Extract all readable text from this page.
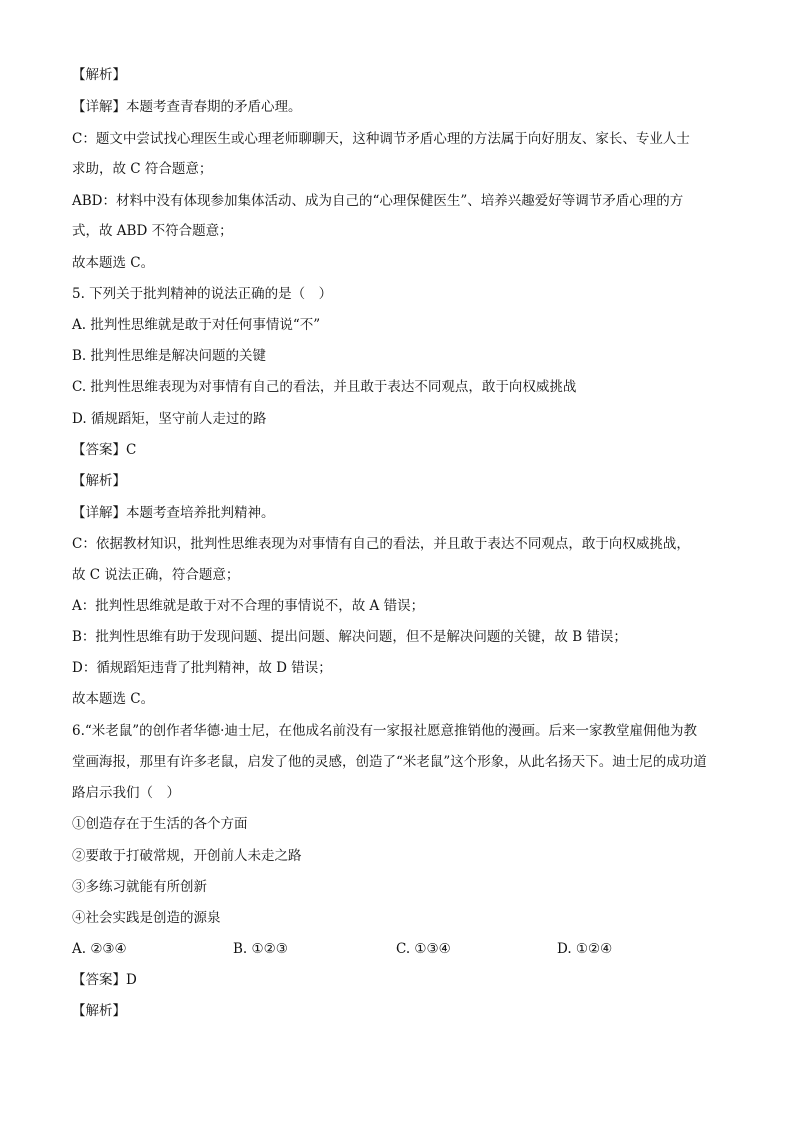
【解析】
【详解】本题考查青春期的矛盾心理。
C：题文中尝试找心理医生或心理老师聊聊天，这种调节矛盾心理的方法属于向好朋友、家长、专业人士
求助，故 C 符合题意；
ABD：材料中没有体现参加集体活动、成为自己的“心理保健医生”、培养兴趣爱好等调节矛盾心理的方
式，故 ABD 不符合题意；
故本题选 C。
5. 下列关于批判精神的说法正确的是（　）
A. 批判性思维就是敢于对任何事情说“不”
B. 批判性思维是解决问题的关键
C. 批判性思维表现为对事情有自己的看法，并且敢于表达不同观点，敢于向权威挑战
D. 循规蹈矩，坚守前人走过的路
【答案】C
【解析】
【详解】本题考查培养批判精神。
C：依据教材知识，批判性思维表现为对事情有自己的看法，并且敢于表达不同观点，敢于向权威挑战，
故 C 说法正确，符合题意；
A：批判性思维就是敢于对不合理的事情说不，故 A 错误；
B：批判性思维有助于发现问题、提出问题、解决问题，但不是解决问题的关键，故 B 错误；
D：循规蹈矩违背了批判精神，故 D 错误；
故本题选 C。
6.“米老鼠”的创作者华德·迪士尼，在他成名前没有一家报社愿意推销他的漫画。后来一家教堂雇佣他为教
堂画海报，那里有许多老鼠，启发了他的灵感，创造了“米老鼠”这个形象，从此名扬天下。迪士尼的成功道
路启示我们（　）
①创造存在于生活的各个方面
②要敢于打破常规，开创前人未走之路
③多练习就能有所创新
④社会实践是创造的源泉
A. ②③④	B. ①②③	C. ①③④	D. ①②④
【答案】D
【解析】
